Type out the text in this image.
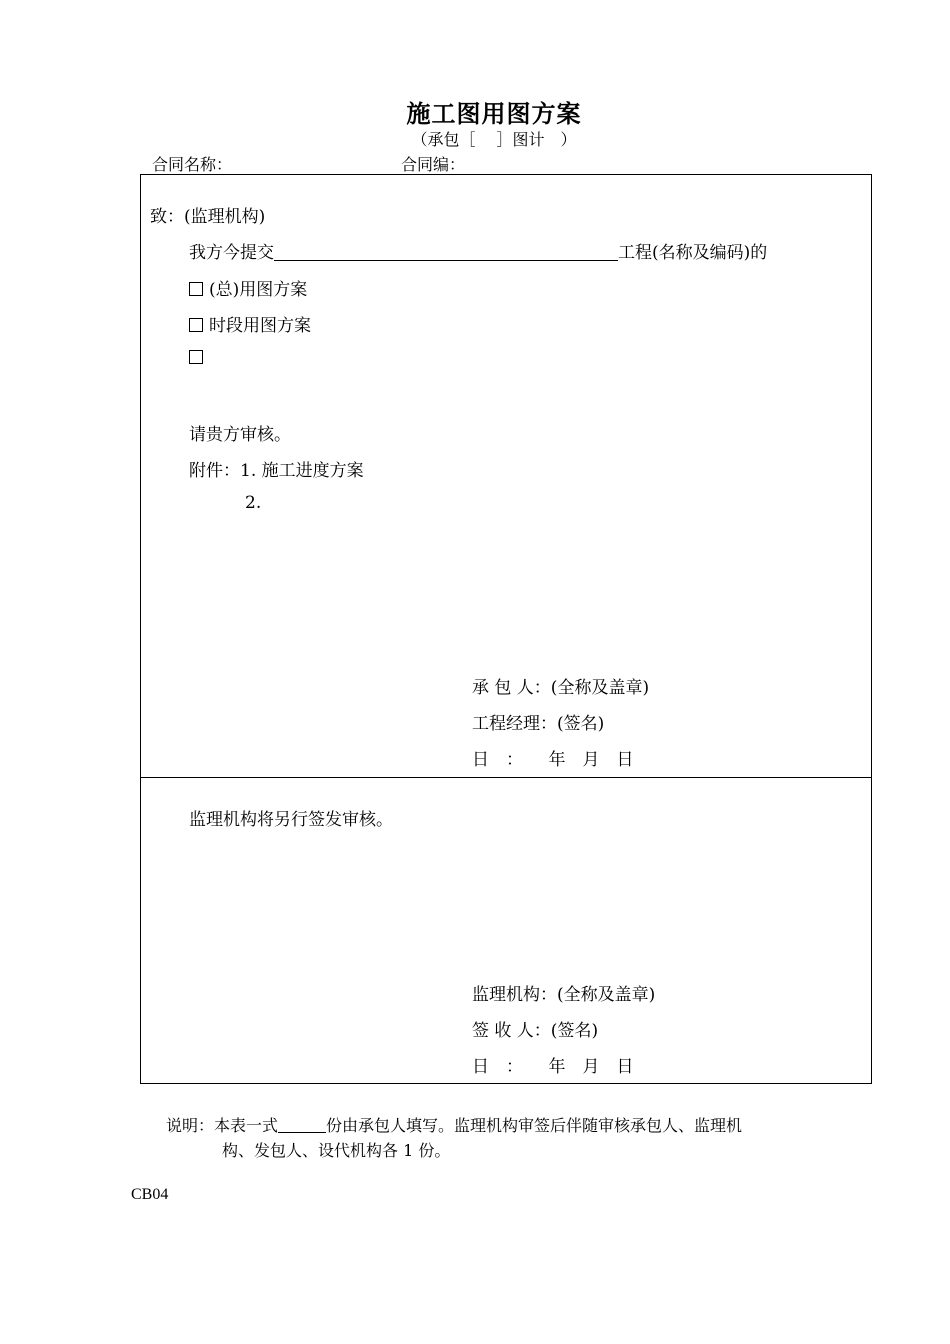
施工图用图方案
（承包［　 ］图计　）
合同名称：	合同编：
致：(监理机构)
我方今提交	工程(名称及编码)的
(总)用图方案
时段用图方案
请贵方审核。
附件：1. 施工进度方案
2.
承 包 人：(全称及盖章)
工程经理：(签名)
日　：　　年　月　日
监理机构将另行签发审核。
监理机构：(全称及盖章)
签 收 人：(签名)
日　：　　年　月　日
说明：本表一式	份由承包人填写。监理机构审签后伴随审核承包人、监理机
构、发包人、设代机构各 1 份。
CB04
